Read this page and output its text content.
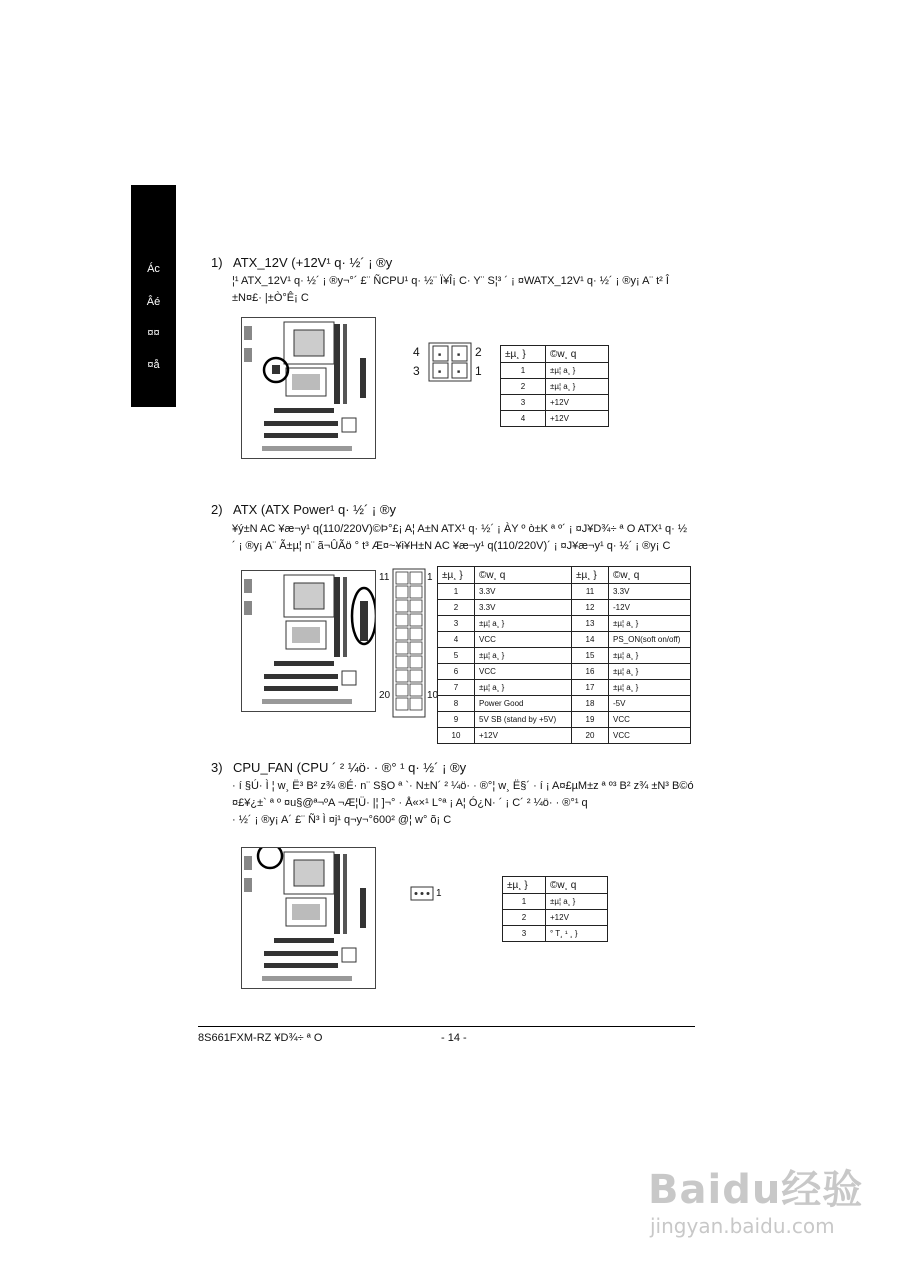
Ác
Âé
¤¤
¤å
1) ATX_12V (+12V¹ q· ½´ ¡ ®y
¦¹ ATX_12V¹ q· ½´ ¡ ®y¬°´ £¨ ÑCPU¹ q· ½¨ Ï¥Î¡ C· Y¨ S¦³ ´ ¡ ¤WATX_12V¹ q· ½´ ¡ ®y¡ A¨ t² Î
±N¤£· |±Ò°Ê¡ C
■	■
■	■
4	2
3	1
±µ¸ }	©w¸ q
1	±µ¦ a¸ }
2	±µ¦ a¸ }
3	+12V
4	+12V
2) ATX (ATX Power¹ q· ½´ ¡ ®y
¥ý±N AC ¥æ¬y¹ q(110/220V)©Þ°£¡ A¦ A±N ATX¹ q· ½´ ¡ ÀY º ò±K ª º´ ¡ ¤J¥D¾÷ ª O ATX¹ q· ½
´ ¡ ®y¡ A¨ Ã±µ¦ n¨ ã¬ÛÃö ° t³ Æ¤~¥i¥H±N AC ¥æ¬y¹ q(110/220V)´ ¡ ¤J¥æ¬y¹ q· ½´ ¡ ®y¡ C
11	1
20	10
±µ¸ }	©w¸ q	±µ¸ }	©w¸ q
1	3.3V	11	3.3V
2	3.3V	12	-12V
3	±µ¦ a¸ }	13	±µ¦ a¸ }
4	VCC	14	PS_ON(soft on/off)
5	±µ¦ a¸ }	15	±µ¦ a¸ }
6	VCC	16	±µ¦ a¸ }
7	±µ¦ a¸ }	17	±µ¦ a¸ }
8	Power Good	18	-5V
9	5V SB (stand by +5V)	19	VCC
10	+12V	20	VCC
3) CPU_FAN (CPU ´ ² ¼ö· · ®° ¹ q· ½´ ¡ ®y
· í §Ú· Ì ¦ w¸ Ë³ B² z¾ ®É· n¨ S§O ª `· N±N´ ² ¼ö· · ®°¦ w¸ Ë§´ · í ¡ A¤£µM±z ª º³ B² z¾ ±N³ B©ó
¤£¥¿±` ª º ¤u§@ª¬ºA ¬Æ¦Ü· |¦ ]¬° · Å«×¹ L°ª ¡ A¦ Ó¿N· ´ ¡ C´ ² ¼ö· · ®°¹ q
· ½´ ¡ ®y¡ A´ £¨ Ñ³ Ì ¤j¹ q¬y¬°600² @¦ w° õ¡ C
1
±µ¸ }	©w¸ q
1	±µ¦ a¸ }
2	+12V
3	° T¸ ¹ ¸ }
8S661FXM-RZ ¥D¾÷ ª O	- 14 -
Baidu经验
jingyan.baidu.com
